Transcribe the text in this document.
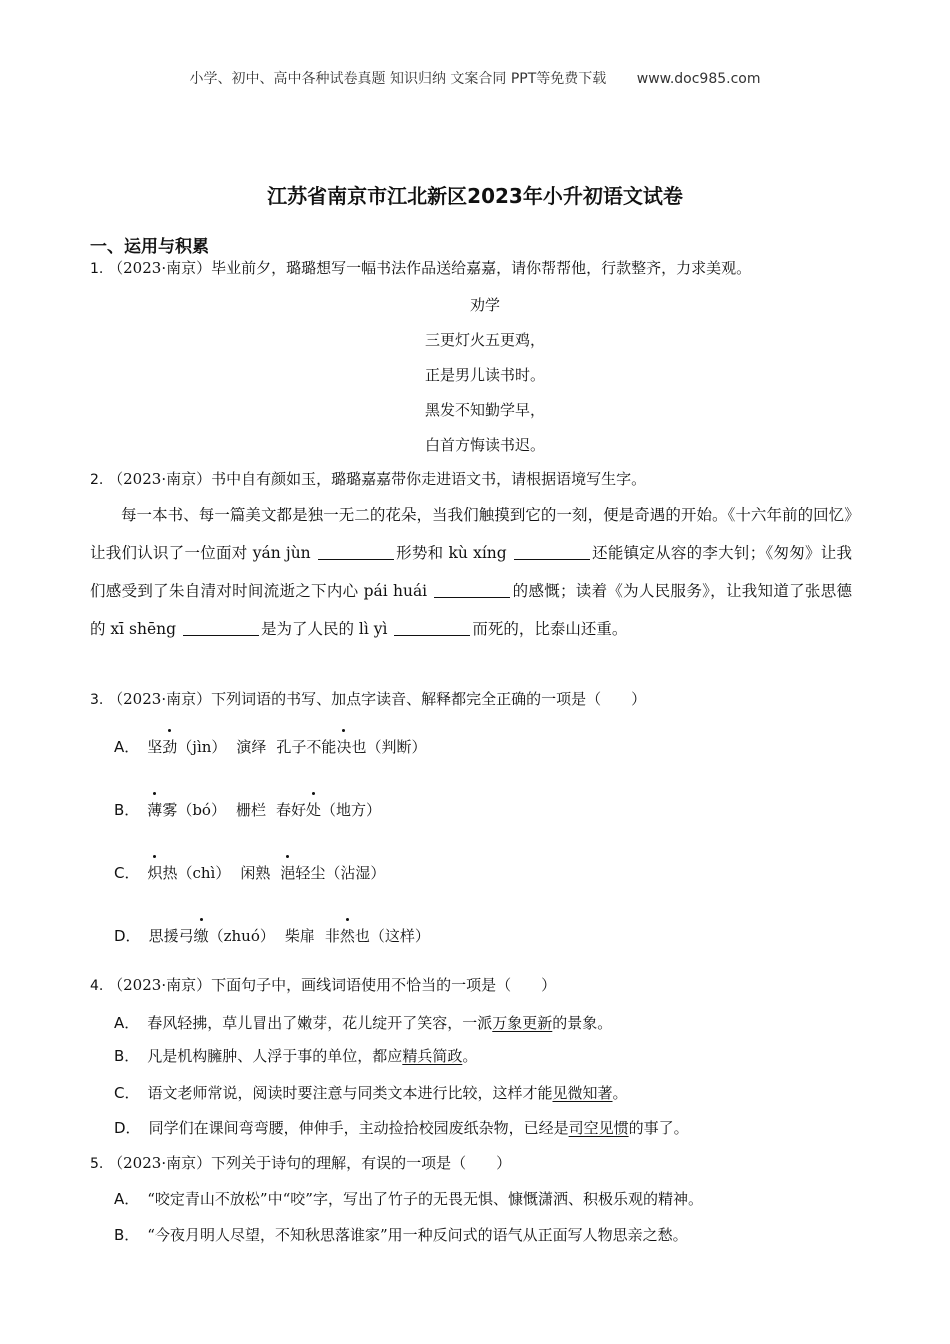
小学、初中、高中各种试卷真题 知识归纳 文案合同 PPT等免费下载 www.doc985.com
江苏省南京市江北新区2023年小升初语文试卷
一、运用与积累
1. （2023·南京）毕业前夕，璐璐想写一幅书法作品送给嘉嘉，请你帮帮他，行款整齐，力求美观。
劝学
三更灯火五更鸡，
正是男儿读书时。
黑发不知勤学早，
白首方悔读书迟。
2. （2023·南京）书中自有颜如玉，璐璐嘉嘉带你走进语文书，请根据语境写生字。
每一本书、每一篇美文都是独一无二的花朵，当我们触摸到它的一刻，便是奇遇的开始。《十六年前的回忆》让我们认识了一位面对 yán jùn	形势和 kù xíng	还能镇定从容的李大钊；《匆匆》让我们感受到了朱自清对时间流逝之下内心 pái huái	的感慨；读着《为人民服务》，让我知道了张思德的 xī shēng	是为了人民的 lì yì	而死的，比泰山还重。
3. （2023·南京）下列词语的书写、加点字读音、解释都完全正确的一项是（　　）
A． 坚劲（jìn） 演绎 孔子不能决也（判断）
B． 薄雾（bó） 栅栏 春好处（地方）
C． 炽热（chì） 闲熟 浥轻尘（沾湿）
D． 思援弓缴（zhuó） 柴扉 非然也（这样）
4. （2023·南京）下面句子中，画线词语使用不恰当的一项是（　　）
A． 春风轻拂，草儿冒出了嫩芽，花儿绽开了笑容，一派万象更新的景象。
B． 凡是机构臃肿、人浮于事的单位，都应精兵简政。
C． 语文老师常说，阅读时要注意与同类文本进行比较，这样才能见微知著。
D． 同学们在课间弯弯腰，伸伸手，主动捡拾校园废纸杂物，已经是司空见惯的事了。
5. （2023·南京）下列关于诗句的理解，有误的一项是（　　）
A． “咬定青山不放松”中“咬”字，写出了竹子的无畏无惧、慷慨潇洒、积极乐观的精神。
B． “今夜月明人尽望，不知秋思落谁家”用一种反问式的语气从正面写人物思亲之愁。
